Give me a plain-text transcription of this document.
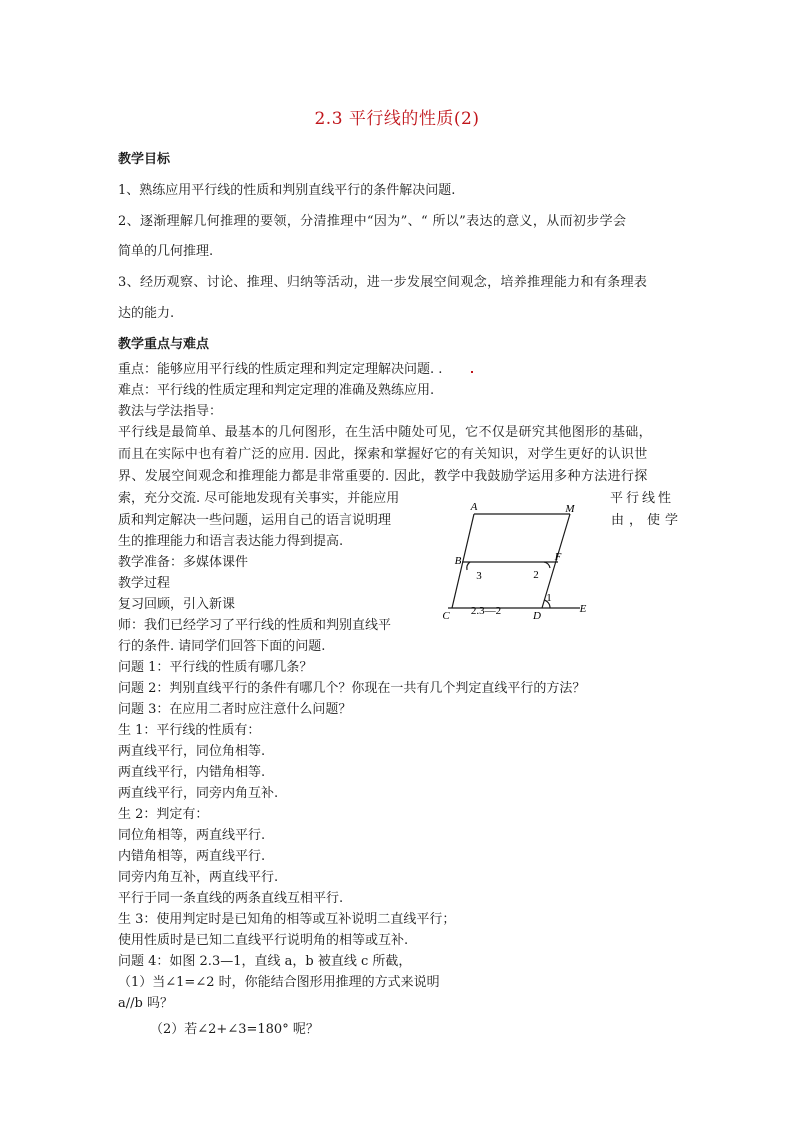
2.3 平行线的性质(2)
教学目标
1、熟练应用平行线的性质和判别直线平行的条件解决问题.
2、逐渐理解几何推理的要领，分清推理中“因为”、“ 所以”表达的意义，从而初步学会
简单的几何推理.
3、经历观察、讨论、推理、归纳等活动，进一步发展空间观念，培养推理能力和有条理表
达的能力.
教学重点与难点
重点：能够应用平行线的性质定理和判定定理解决问题. .
难点：平行线的性质定理和判定定理的准确及熟练应用.
教法与学法指导：
平行线是最简单、最基本的几何图形，在生活中随处可见，它不仅是研究其他图形的基础，
而且在实际中也有着广泛的应用. 因此，探索和掌握好它的有关知识，对学生更好的认识世
界、发展空间观念和推理能力都是非常重要的. 因此，教学中我鼓励学运用多种方法进行探
索，充分交流. 尽可能地发现有关事实，并能应用	平行线性
质和判定解决一些问题，运用自己的语言说明理	由，使学
生的推理能力和语言表达能力得到提高.
教学准备：多媒体课件
教学过程
复习回顾，引入新课
师：我们已经学习了平行线的性质和判别直线平
行的条件. 请同学们回答下面的问题.
问题 1：平行线的性质有哪几条？
问题 2：判别直线平行的条件有哪几个？你现在一共有几个判定直线平行的方法？
问题 3：在应用二者时应注意什么问题？
生 1：平行线的性质有：
两直线平行，同位角相等.
两直线平行，内错角相等.
两直线平行，同旁内角互补.
生 2：判定有：
同位角相等，两直线平行.
内错角相等，两直线平行.
同旁内角互补，两直线平行.
平行于同一条直线的两条直线互相平行.
生 3：使用判定时是已知角的相等或互补说明二直线平行；
使用性质时是已知二直线平行说明角的相等或互补.
问题 4：如图 2.3—1，直线 a，b 被直线 c 所截，
（1）当∠1=∠2 时，你能结合图形用推理的方式来说明
a//b 吗？
（2）若∠2+∠3=180° 呢？
A	M
B	F
C	D
E
3	2
1
2.3—2
